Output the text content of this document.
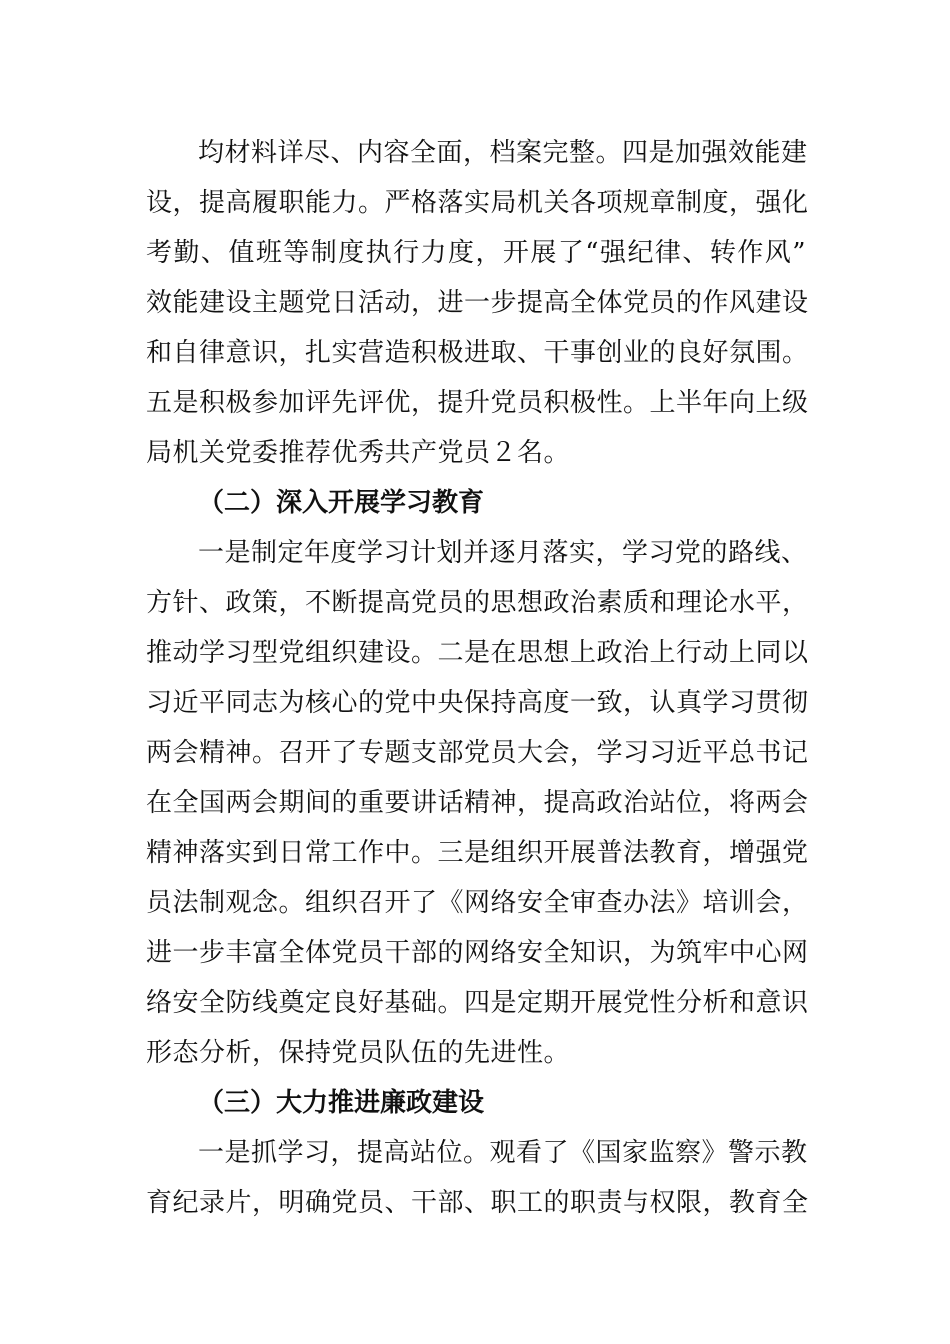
均材料详尽、内容全面，档案完整。四是加强效能建
设，提高履职能力。严格落实局机关各项规章制度，强化
考勤、值班等制度执行力度，开展了“强纪律、转作风”
效能建设主题党日活动，进一步提高全体党员的作风建设
和自律意识，扎实营造积极进取、干事创业的良好氛围。
五是积极参加评先评优，提升党员积极性。上半年向上级
局机关党委推荐优秀共产党员２名。
（二）深入开展学习教育
一是制定年度学习计划并逐月落实，学习党的路线、
方针、政策，不断提高党员的思想政治素质和理论水平，
推动学习型党组织建设。二是在思想上政治上行动上同以
习近平同志为核心的党中央保持高度一致，认真学习贯彻
两会精神。召开了专题支部党员大会，学习习近平总书记
在全国两会期间的重要讲话精神，提高政治站位，将两会
精神落实到日常工作中。三是组织开展普法教育，增强党
员法制观念。组织召开了《网络安全审查办法》培训会，
进一步丰富全体党员干部的网络安全知识，为筑牢中心网
络安全防线奠定良好基础。四是定期开展党性分析和意识
形态分析，保持党员队伍的先进性。
（三）大力推进廉政建设
一是抓学习，提高站位。观看了《国家监察》警示教
育纪录片，明确党员、干部、职工的职责与权限，教育全
